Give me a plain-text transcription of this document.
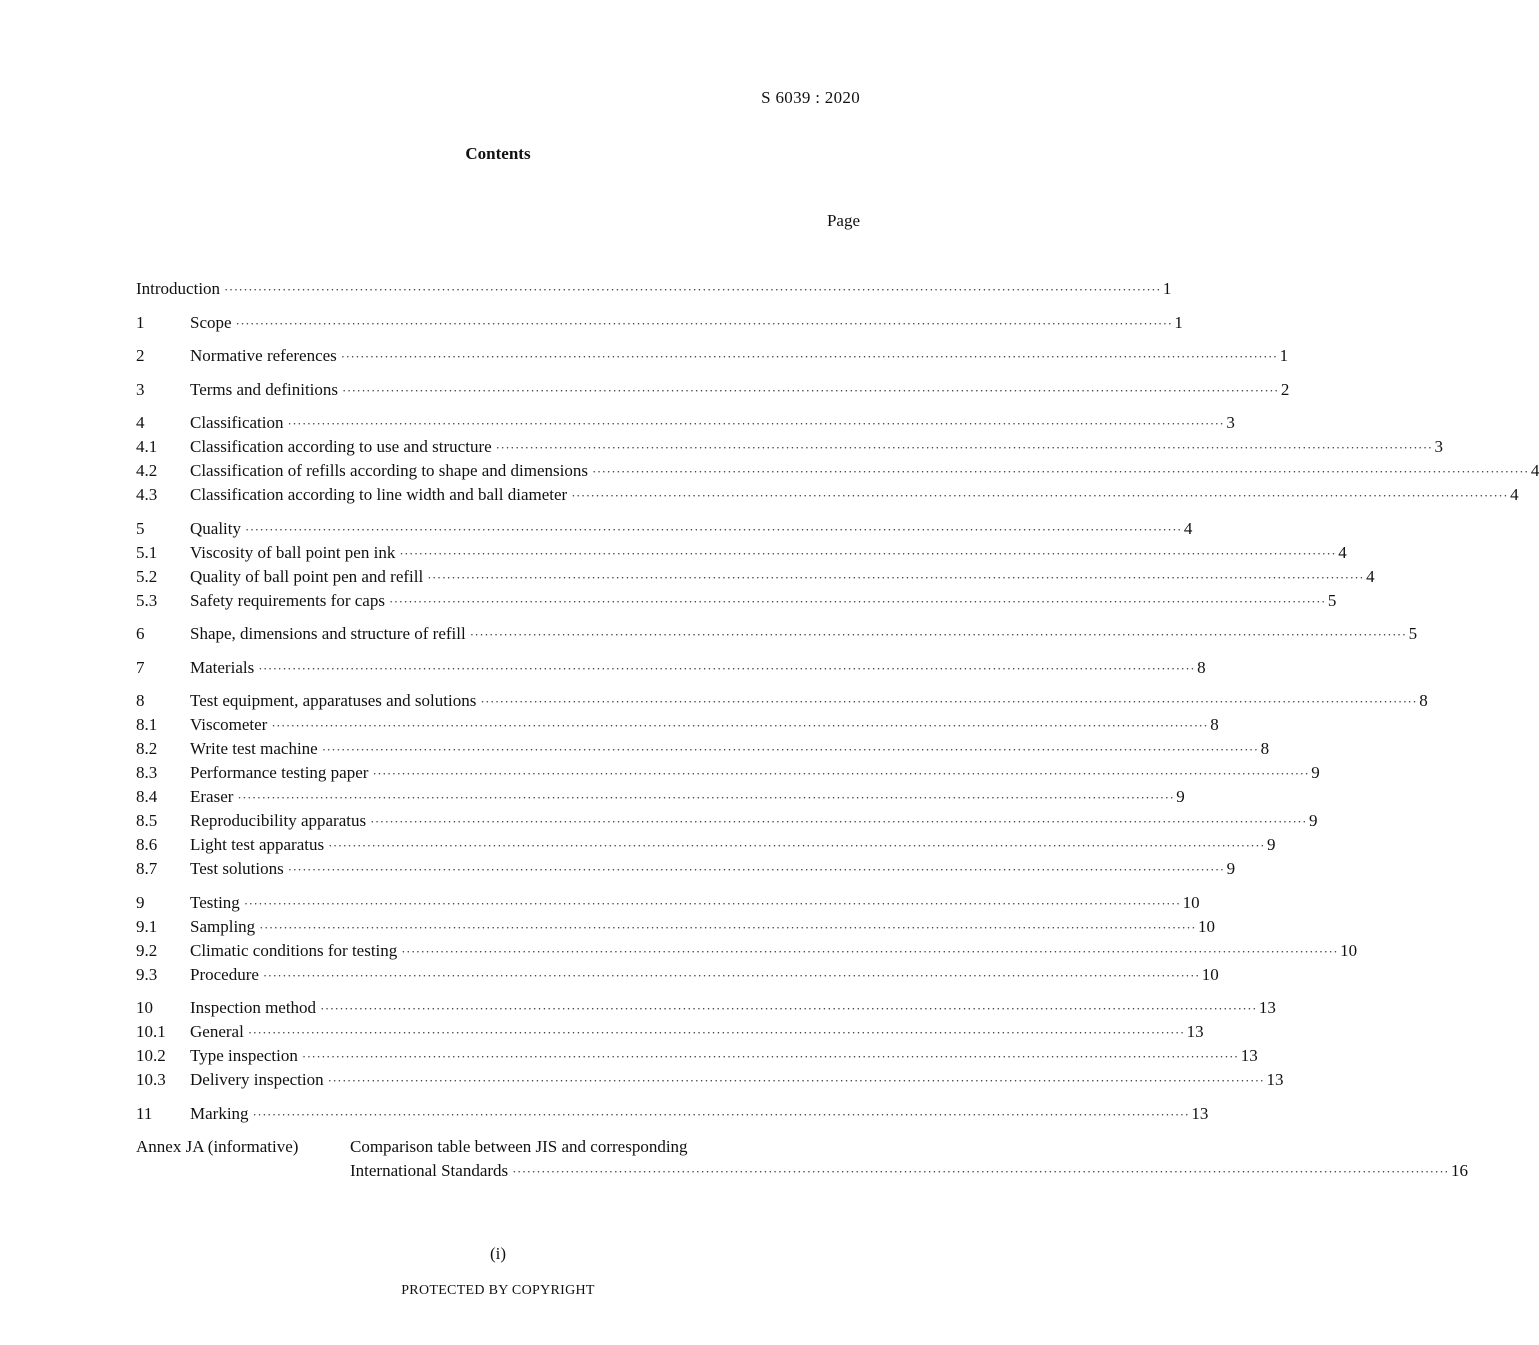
S 6039 : 2020
Contents
Page
Introduction ·····	1
1	Scope ·····	1
2	Normative references ·····	1
3	Terms and definitions ·····	2
4	Classification ·····	3
4.1	Classification according to use and structure ·····	3
4.2	Classification of refills according to shape and dimensions ·····	4
4.3	Classification according to line width and ball diameter ·····	4
5	Quality ·····	4
5.1	Viscosity of ball point pen ink ·····	4
5.2	Quality of ball point pen and refill ·····	4
5.3	Safety requirements for caps ·····	5
6	Shape, dimensions and structure of refill ·····	5
7	Materials ·····	8
8	Test equipment, apparatuses and solutions ·····	8
8.1	Viscometer ·····	8
8.2	Write test machine ·····	8
8.3	Performance testing paper ·····	9
8.4	Eraser ·····	9
8.5	Reproducibility apparatus ·····	9
8.6	Light test apparatus ·····	9
8.7	Test solutions ·····	9
9	Testing ·····	10
9.1	Sampling ·····	10
9.2	Climatic conditions for testing ·····	10
9.3	Procedure ·····	10
10	Inspection method ·····	13
10.1	General ·····	13
10.2	Type inspection ·····	13
10.3	Delivery inspection ·····	13
11	Marking ·····	13
Annex JA (informative)	Comparison table between JIS and corresponding
International Standards ·····	16
(i)
PROTECTED BY COPYRIGHT
